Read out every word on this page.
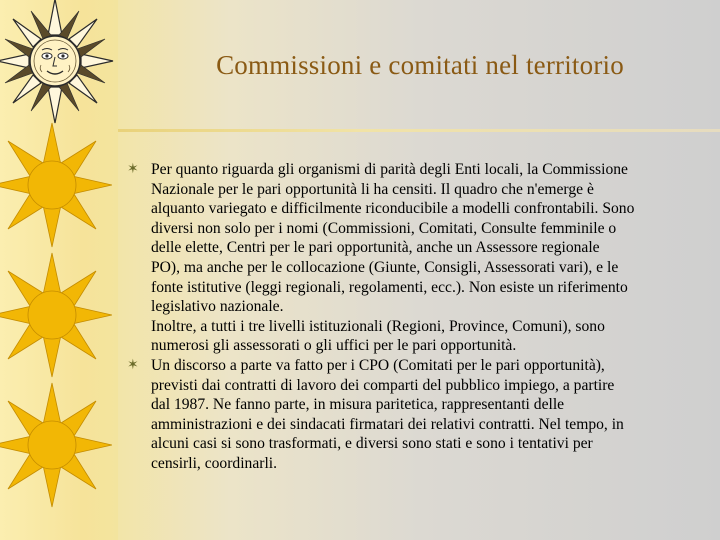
Commissioni e comitati nel territorio
✶ Per quanto riguarda gli organismi di parità degli Enti locali, la Commissione
Nazionale per le pari opportunità li ha censiti. Il quadro che n'emerge è
alquanto variegato e difficilmente riconducibile a modelli confrontabili. Sono
diversi non solo per i nomi (Commissioni, Comitati, Consulte femminile o
delle elette, Centri per le pari opportunità, anche un Assessore regionale
PO), ma anche per le collocazione (Giunte, Consigli, Assessorati vari), e le
fonte istitutive (leggi regionali, regolamenti, ecc.). Non esiste un riferimento
legislativo nazionale.
Inoltre, a tutti i tre livelli istituzionali (Regioni, Province, Comuni), sono
numerosi gli assessorati o gli uffici per le pari opportunità.
✶ Un discorso a parte va fatto per i CPO (Comitati per le pari opportunità),
previsti dai contratti di lavoro dei comparti del pubblico impiego, a partire
dal 1987. Ne fanno parte, in misura paritetica, rappresentanti delle
amministrazioni e dei sindacati firmatari dei relativi contratti. Nel tempo, in
alcuni casi si sono trasformati, e diversi sono stati e sono i tentativi per
censirli, coordinarli.
